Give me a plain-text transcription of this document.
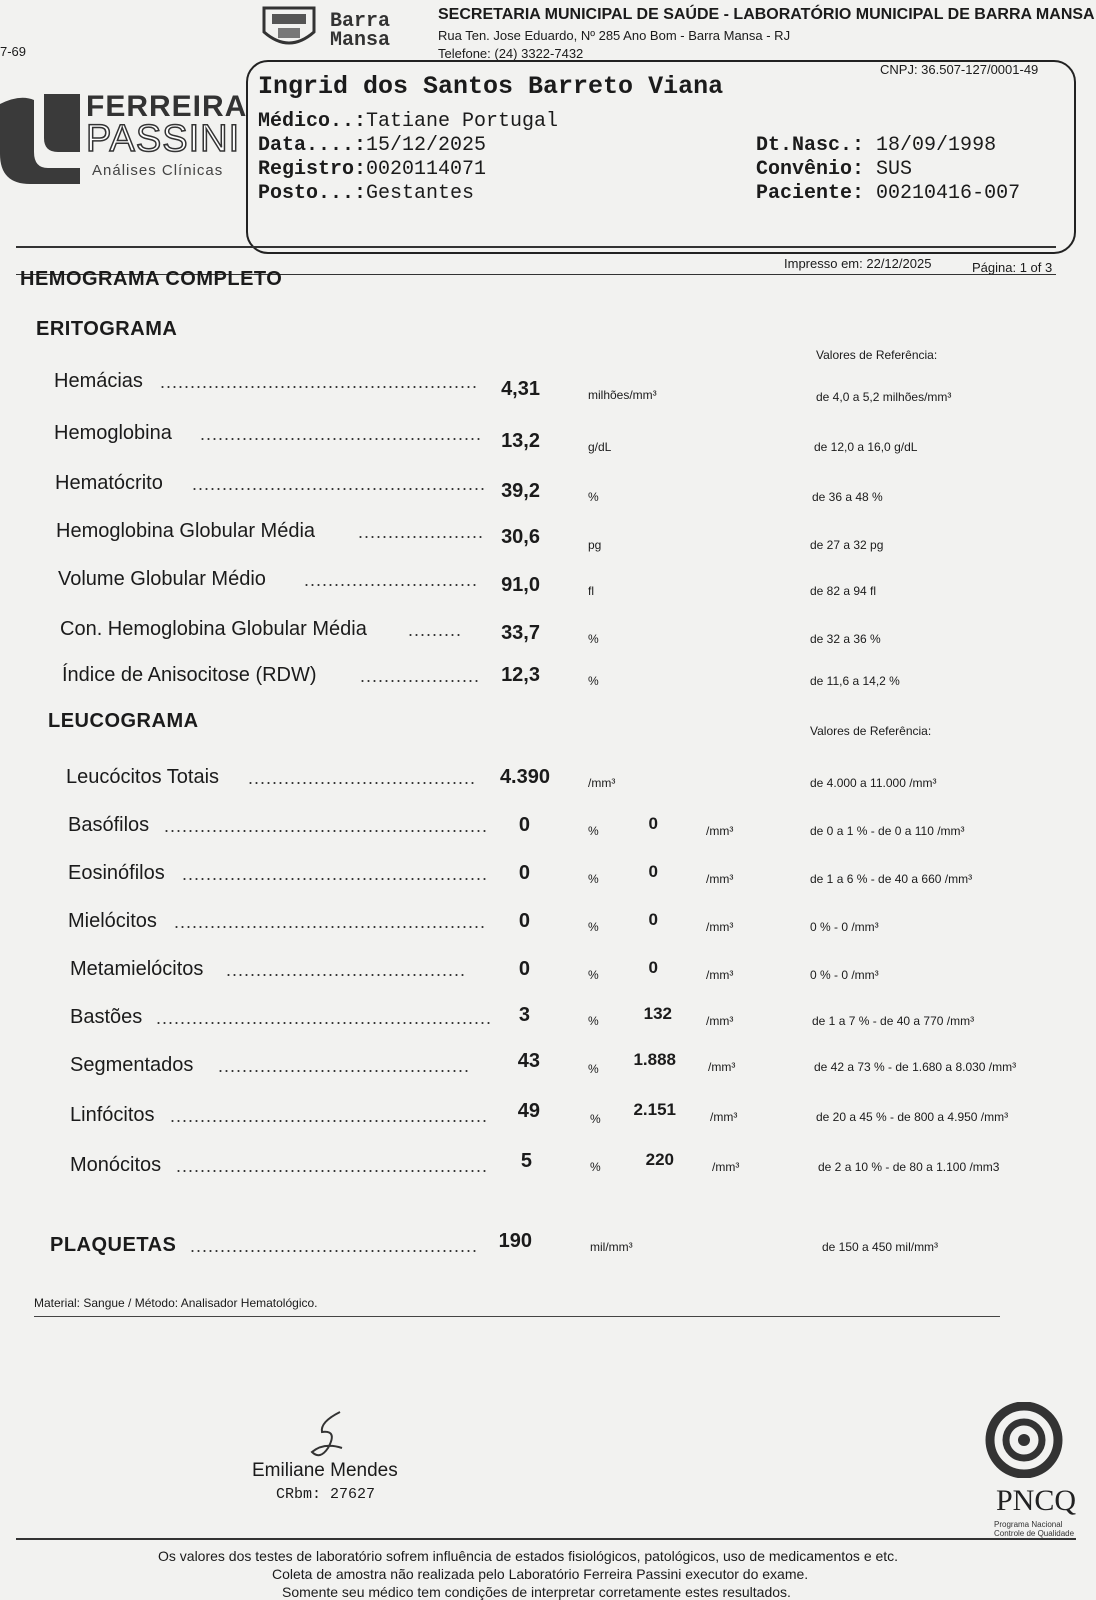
7-69
Barra
Mansa
SECRETARIA MUNICIPAL DE SAÚDE - LABORATÓRIO MUNICIPAL DE BARRA MANSA
Rua Ten. Jose Eduardo, Nº 285 Ano Bom - Barra Mansa - RJ
Telefone: (24) 3322-7432
CNPJ: 36.507-127/0001-49
FERREIRA
PASSINI
Análises Clínicas
Ingrid dos Santos Barreto Viana
Médico..:Tatiane Portugal
Data....:15/12/2025
Registro:0020114071
Posto...:Gestantes
Dt.Nasc.: 18/09/1998
Convênio: SUS
Paciente: 00210416-007
Impresso em: 22/12/2025	Página: 1 of 3
HEMOGRAMA COMPLETO
ERITOGRAMA
Valores de Referência:
Hemácias .....................................................	4,31	milhões/mm³	de 4,0 a 5,2 milhões/mm³
Hemoglobina ............................................... 13,2	g/dL	de 12,0 a 16,0 g/dL
Hematócrito ................................................. 39,2	%	de 36 a 48 %
Hemoglobina Globular Média ..................... 30,6	pg	de 27 a 32 pg
Volume Globular Médio .............................	91,0	fl	de 82 a 94 fl
Con. Hemoglobina Globular Média .........	33,7	%	de 32 a 36 %
Índice de Anisocitose (RDW) ....................	12,3	%	de 11,6 a 14,2 %
LEUCOGRAMA	Valores de Referência:
Leucócitos Totais ......................................	4.390	/mm³	de 4.000 a 11.000 /mm³
Basófilos ......................................................	0	%	0	/mm³	de 0 a 1 % - de 0 a 110 /mm³
Eosinófilos ...................................................	0	%	0	/mm³	de 1 a 6 % - de 40 a 660 /mm³
Mielócitos ....................................................	0	%	0	/mm³	0 % - 0 /mm³
Metamielócitos ........................................	0	%	0	/mm³	0 % - 0 /mm³
Bastões ........................................................	3	%	132	/mm³	de 1 a 7 % - de 40 a 770 /mm³
Segmentados ..........................................	43	%	1.888	/mm³	de 42 a 73 % - de 1.680 a 8.030 /mm³
Linfócitos .....................................................	49	%	2.151	/mm³	de 20 a 45 % - de 800 a 4.950 /mm³
Monócitos ....................................................	5	%	220	/mm³	de 2 a 10 % - de 80 a 1.100 /mm3
PLAQUETAS ................................................	190	mil/mm³	de 150 a 450 mil/mm³
Material: Sangue / Método: Analisador Hematológico.
Emiliane Mendes
CRbm: 27627	PNCQ
Programa Nacional
Controle de Qualidade
Os valores dos testes de laboratório sofrem influência de estados fisiológicos, patológicos, uso de medicamentos e etc.
Coleta de amostra não realizada pelo Laboratório Ferreira Passini executor do exame.
Somente seu médico tem condições de interpretar corretamente estes resultados.
